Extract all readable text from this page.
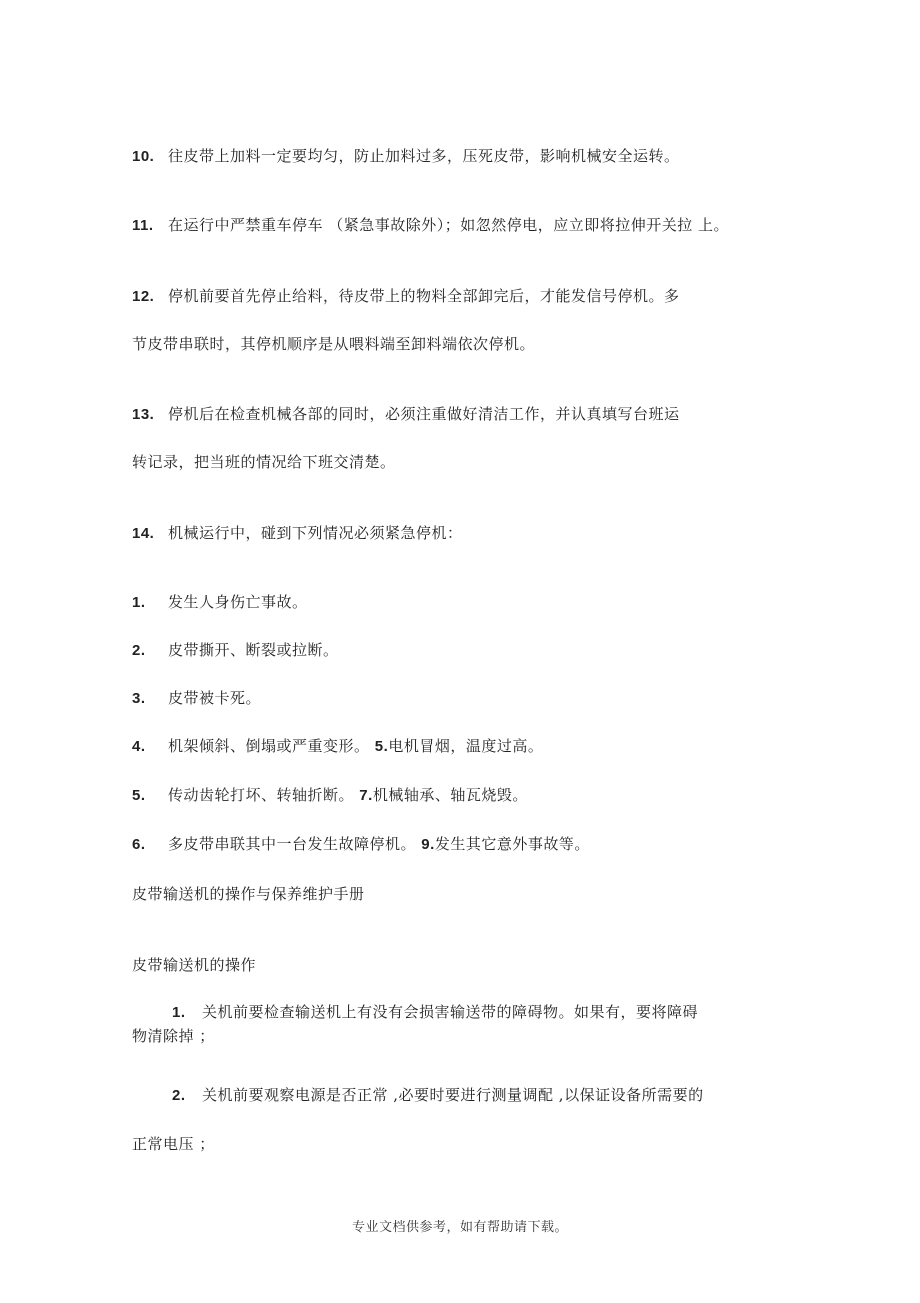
10. 往皮带上加料一定要均匀，防止加料过多，压死皮带，影响机械安全运转。
11. 在运行中严禁重车停车 （紧急事故除外）；如忽然停电，应立即将拉伸开关拉 上。
12. 停机前要首先停止给料，待皮带上的物料全部卸完后，才能发信号停机。多
节皮带串联时，其停机顺序是从喂料端至卸料端依次停机。
13. 停机后在检查机械各部的同时，必须注重做好清洁工作，并认真填写台班运
转记录，把当班的情况给下班交清楚。
14. 机械运行中，碰到下列情况必须紧急停机：
1. 发生人身伤亡事故。
2. 皮带撕开、断裂或拉断。
3. 皮带被卡死。
4. 机架倾斜、倒塌或严重变形。 5.电机冒烟，温度过高。
5. 传动齿轮打坏、转轴折断。 7.机械轴承、轴瓦烧毁。
6. 多皮带串联其中一台发生故障停机。 9.发生其它意外事故等。
皮带输送机的操作与保养维护手册
皮带输送机的操作
1. 关机前要检查输送机上有没有会损害输送带的障碍物。如果有，要将障碍
物清除掉 ；
2. 关机前要观察电源是否正常 ,必要时要进行测量调配 ,以保证设备所需要的
正常电压 ；
专业文档供参考，如有帮助请下载。
